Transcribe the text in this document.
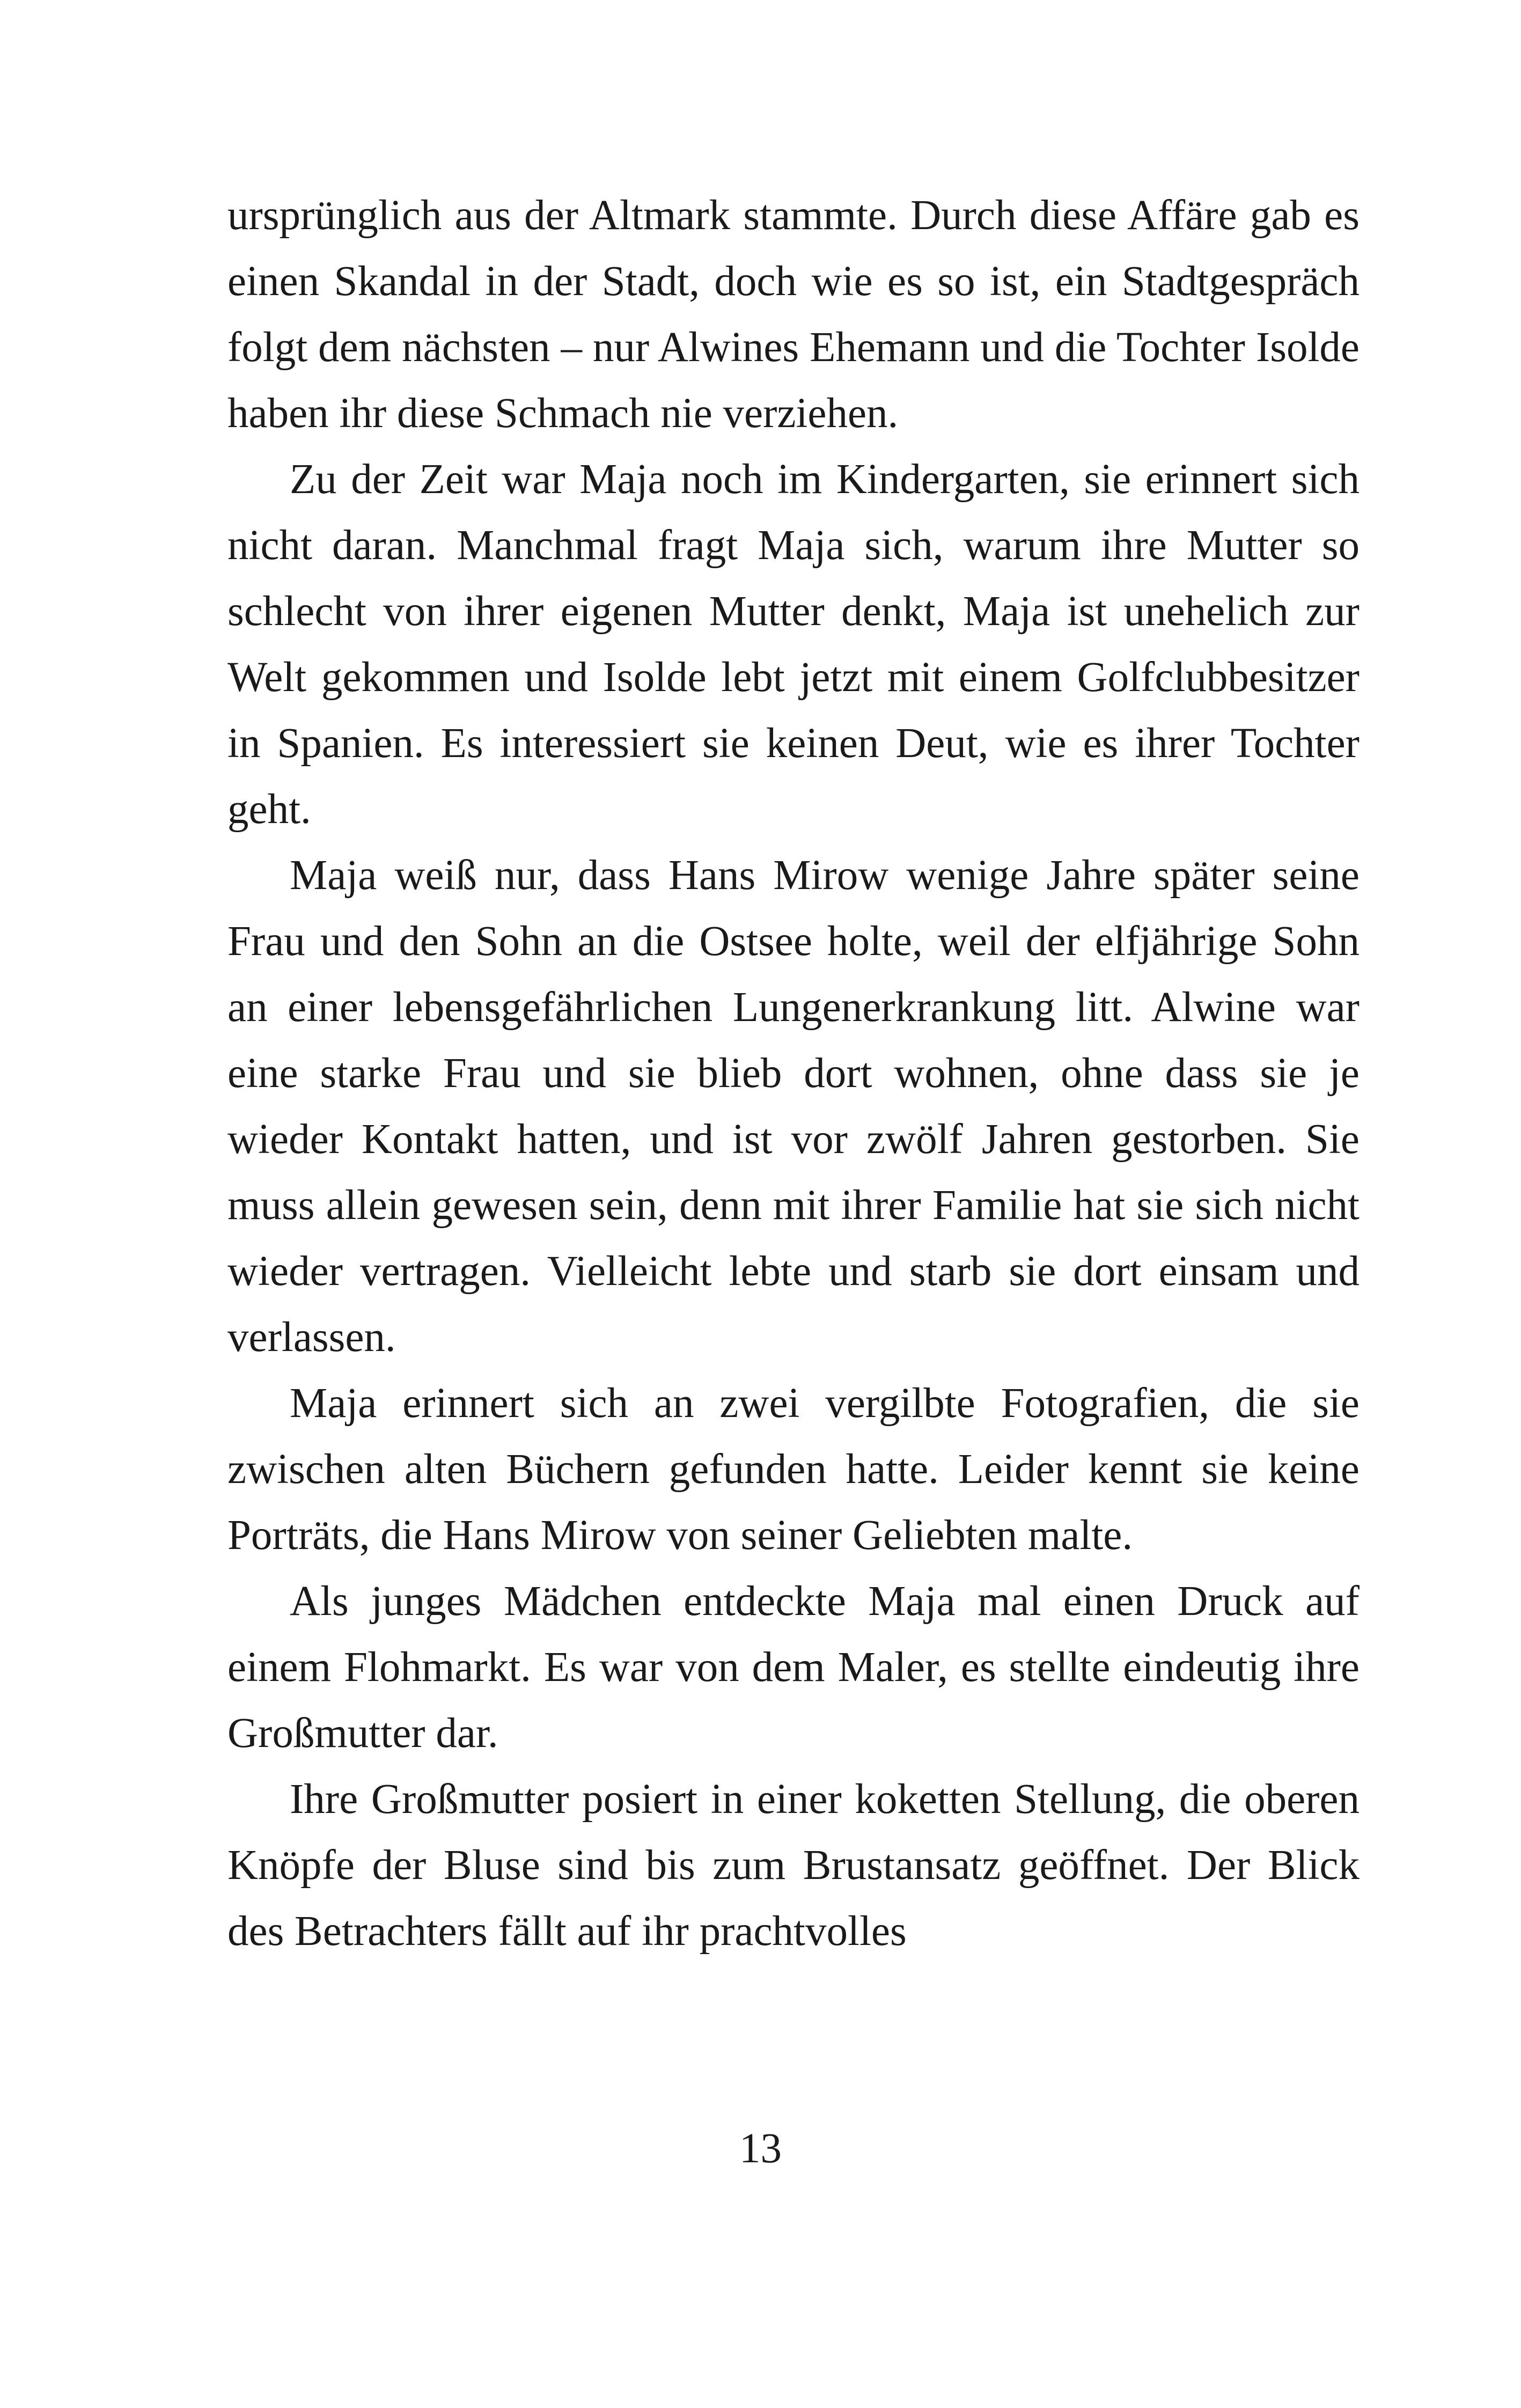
ursprünglich aus der Altmark stammte. Durch diese Affäre gab es einen Skandal in der Stadt, doch wie es so ist, ein Stadtgespräch folgt dem nächsten – nur Alwines Ehemann und die Tochter Isolde haben ihr diese Schmach nie verziehen.

Zu der Zeit war Maja noch im Kindergarten, sie erinnert sich nicht daran. Manchmal fragt Maja sich, warum ihre Mutter so schlecht von ihrer eigenen Mutter denkt, Maja ist unehelich zur Welt gekommen und Isolde lebt jetzt mit einem Golfclubbesitzer in Spanien. Es interessiert sie keinen Deut, wie es ihrer Tochter geht.

Maja weiß nur, dass Hans Mirow wenige Jahre später seine Frau und den Sohn an die Ostsee holte, weil der elfjährige Sohn an einer lebensgefährlichen Lungenerkrankung litt. Alwine war eine starke Frau und sie blieb dort wohnen, ohne dass sie je wieder Kontakt hatten, und ist vor zwölf Jahren gestorben. Sie muss allein gewesen sein, denn mit ihrer Familie hat sie sich nicht wieder vertragen. Vielleicht lebte und starb sie dort einsam und verlassen.

Maja erinnert sich an zwei vergilbte Fotografien, die sie zwischen alten Büchern gefunden hatte. Leider kennt sie keine Porträts, die Hans Mirow von seiner Geliebten malte.

Als junges Mädchen entdeckte Maja mal einen Druck auf einem Flohmarkt. Es war von dem Maler, es stellte eindeutig ihre Großmutter dar.

Ihre Großmutter posiert in einer koketten Stellung, die oberen Knöpfe der Bluse sind bis zum Brustansatz geöffnet. Der Blick des Betrachters fällt auf ihr prachtvolles

13
